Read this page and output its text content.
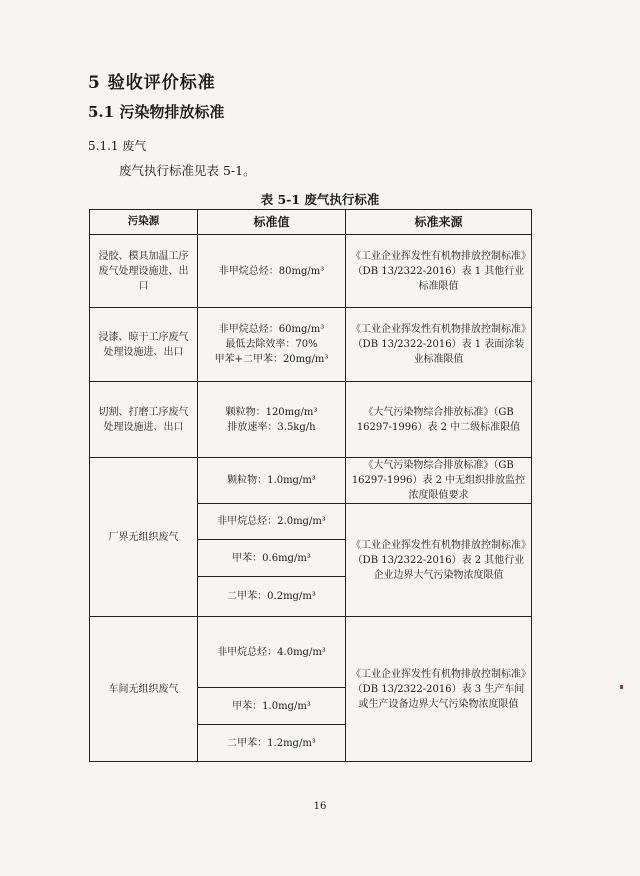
5 验收评价标准
5.1 污染物排放标准
5.1.1 废气
废气执行标准见表 5-1。
表 5-1 废气执行标准
污染源	标准值	标准来源
浸胶、模具加温工序废气处理设施进、出口	非甲烷总烃：80mg/m³	《工业企业挥发性有机物排放控制标准》（DB 13/2322-2016）表 1 其他行业标准限值
浸漆、晾干工序废气处理设施进、出口	非甲烷总烃：60mg/m³
最低去除效率：70%
甲苯+二甲苯：20mg/m³	《工业企业挥发性有机物排放控制标准》（DB 13/2322-2016）表 1 表面涂装业标准限值
切割、打磨工序废气处理设施进、出口	颗粒物：120mg/m³
排放速率：3.5kg/h	《大气污染物综合排放标准》（GB 16297-1996）表 2 中二级标准限值
厂界无组织废气	颗粒物：1.0mg/m³	《大气污染物综合排放标准》（GB 16297-1996）表 2 中无组织排放监控浓度限值要求
	非甲烷总烃：2.0mg/m³	《工业企业挥发性有机物排放控制标准》（DB 13/2322-2016）表 2 其他行业企业边界大气污染物浓度限值
	甲苯：0.6mg/m³	
	二甲苯：0.2mg/m³	
车间无组织废气	非甲烷总烃：4.0mg/m³	《工业企业挥发性有机物排放控制标准》（DB 13/2322-2016）表 3 生产车间或生产设备边界大气污染物浓度限值
	甲苯：1.0mg/m³	
	二甲苯：1.2mg/m³	
16
